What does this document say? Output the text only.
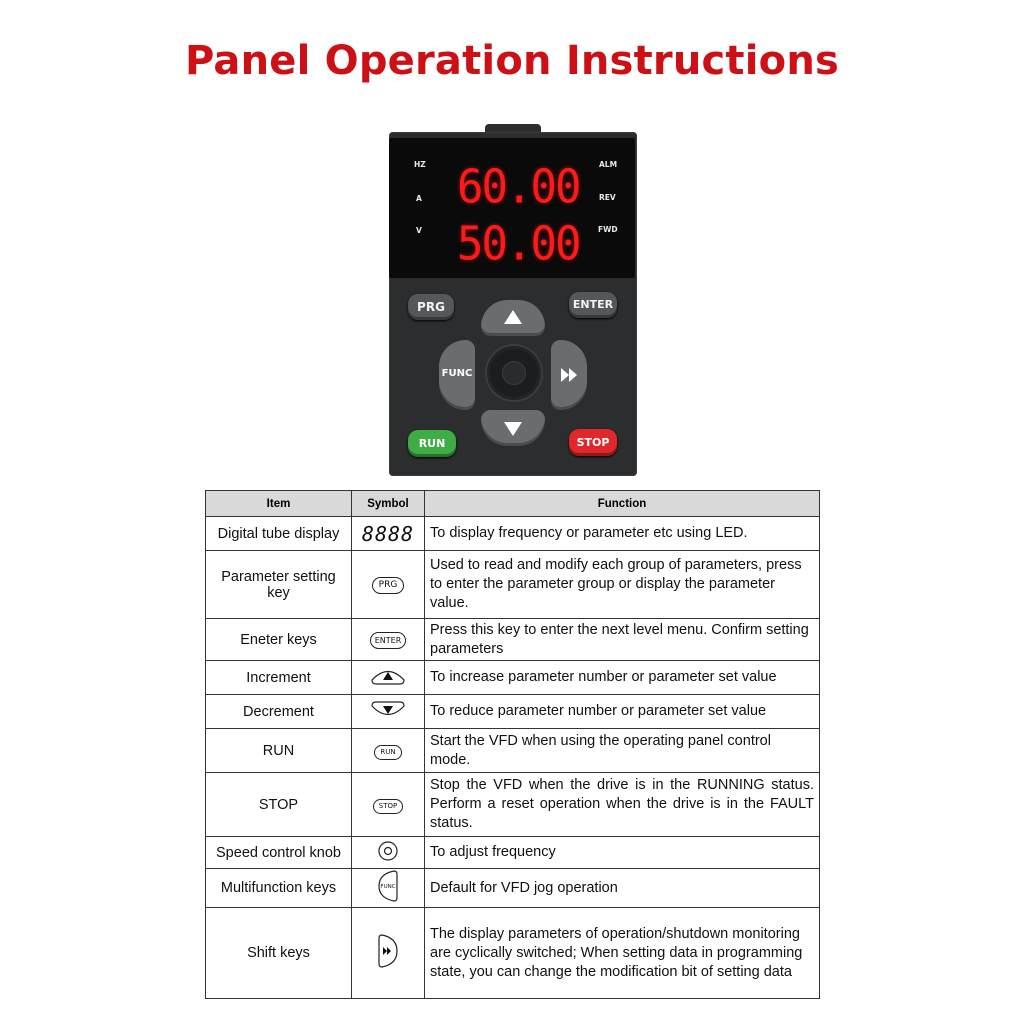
Panel Operation Instructions
HZ
A
V
ALM
REV
FWD
60.00
50.00
PRG	ENTER
FUNC
RUN	STOP
Item	Symbol	Function
Digital tube display	8888	To display frequency or parameter etc using LED.
Parameter setting key	PRG	Used to read and modify each group of parameters, press to enter the parameter group or display the parameter value.
Eneter keys	ENTER	Press this key to enter the next level menu. Confirm setting parameters
Increment		To increase parameter number or parameter set value
Decrement		To reduce parameter number or parameter set value
RUN	RUN	Start the VFD when using the operating panel control mode.
STOP	STOP	Stop the VFD when the drive is in the RUNNING status. Perform a reset operation when the drive is in the FAULT status.
Speed control knob		To adjust frequency
Multifunction keys	FUNC	Default for VFD jog operation
Shift keys		The display parameters of operation/shutdown monitoring are cyclically switched; When setting data in programming state, you can change the modification bit of setting data
